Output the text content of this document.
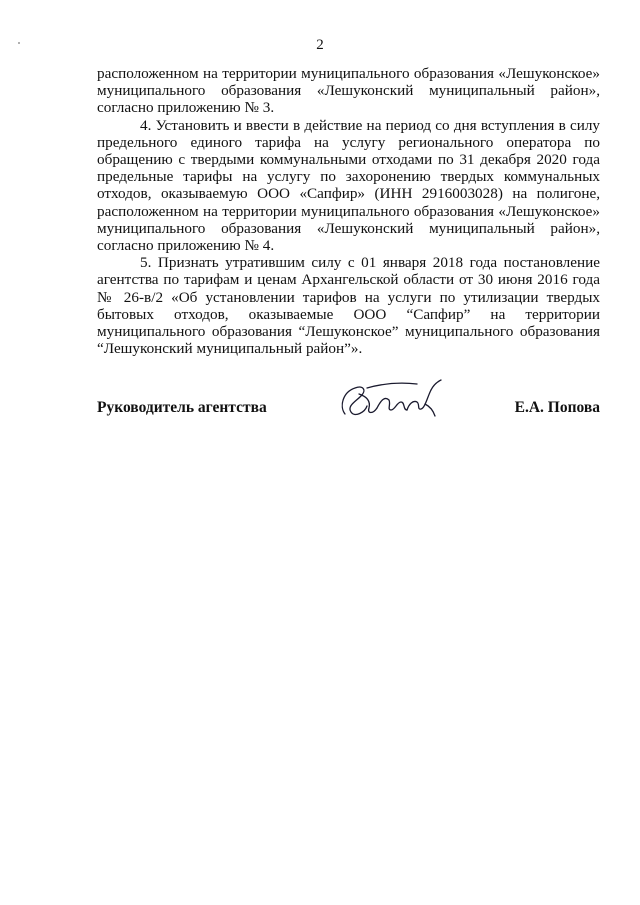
2

расположенном на территории муниципального образования «Лешуконское» муниципального образования «Лешуконский муниципальный район», согласно приложению № 3.

4. Установить и ввести в действие на период со дня вступления в силу предельного единого тарифа на услугу регионального оператора по обращению с твердыми коммунальными отходами по 31 декабря 2020 года предельные тарифы на услугу по захоронению твердых коммунальных отходов, оказываемую ООО «Сапфир» (ИНН 2916003028) на полигоне, расположенном на территории муниципального образования «Лешуконское» муниципального образования «Лешуконский муниципальный район», согласно приложению № 4.

5. Признать утратившим силу с 01 января 2018 года постановление агентства по тарифам и ценам Архангельской области от 30 июня 2016 года № 26-в/2 «Об установлении тарифов на услуги по утилизации твердых бытовых отходов, оказываемые ООО “Сапфир” на территории муниципального образования “Лешуконское” муниципального образования “Лешуконский муниципальный район”».

Руководитель агентства	Е.А. Попова
